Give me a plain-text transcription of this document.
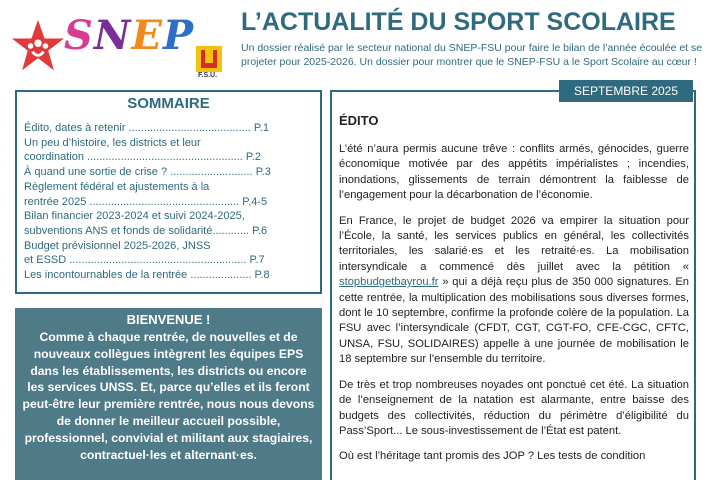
SNEP
F.S.U.
L’ACTUALITÉ DU SPORT SCOLAIRE
Un dossier réalisé par le secteur national du SNEP-FSU pour faire le bilan de l’année écoulée et se projeter pour 2025-2026. Un dossier pour montrer que le SNEP-FSU a le Sport Scolaire au cœur !
SEPTEMBRE 2025
SOMMAIRE
Édito, dates à retenir ........................................ P.1
Un peu d’histoire, les districts et leur
coordination ................................................... P.2
À quand une sortie de crise ? ........................... P.3
Règlement fédéral et ajustements à la
rentrée 2025 ................................................. P.4-5
Bilan financier 2023-2024 et suivi 2024-2025,
subventions ANS et fonds de solidarité............ P.6
Budget prévisionnel 2025-2026, JNSS
et ESSD .......................................................... P.7
Les incontournables de la rentrée .................... P.8
BIENVENUE !
Comme à chaque rentrée, de nouvelles et de nouveaux collègues intègrent les équipes EPS dans les établissements, les districts ou encore les services UNSS. Et, parce qu’elles et ils feront peut-être leur première rentrée, nous nous devons de donner le meilleur accueil possible, professionnel, convivial et militant aux stagiaires, contractuel·les et alternant·es.
ÉDITO

L’été n’aura permis aucune trêve : conflits armés, génocides, guerre économique motivée par des appétits impérialistes ; incendies, inondations, glissements de terrain démontrent la faiblesse de l’engagement pour la décarbonation de l’économie.

En France, le projet de budget 2026 va empirer la situation pour l’École, la santé, les services publics en général, les collectivités territoriales, les salarié·es et les retraité·es. La mobilisation intersyndicale a commencé dès juillet avec la pétition « stopbudgetbayrou.fr » qui a déjà reçu plus de 350 000 signatures. En cette rentrée, la multiplication des mobilisations sous diverses formes, dont le 10 septembre, confirme la profonde colère de la population. La FSU avec l’intersyndicale (CFDT, CGT, CGT-FO, CFE-CGC, CFTC, UNSA, FSU, SOLIDAIRES) appelle à une journée de mobilisation le 18 septembre sur l’ensemble du territoire.

De très et trop nombreuses noyades ont ponctué cet été. La situation de l’enseignement de la natation est alarmante, entre baisse des budgets des collectivités, réduction du périmètre d’éligibilité du Pass’Sport... Le sous-investissement de l’État est patent.

Où est l’héritage tant promis des JOP ? Les tests de condition
